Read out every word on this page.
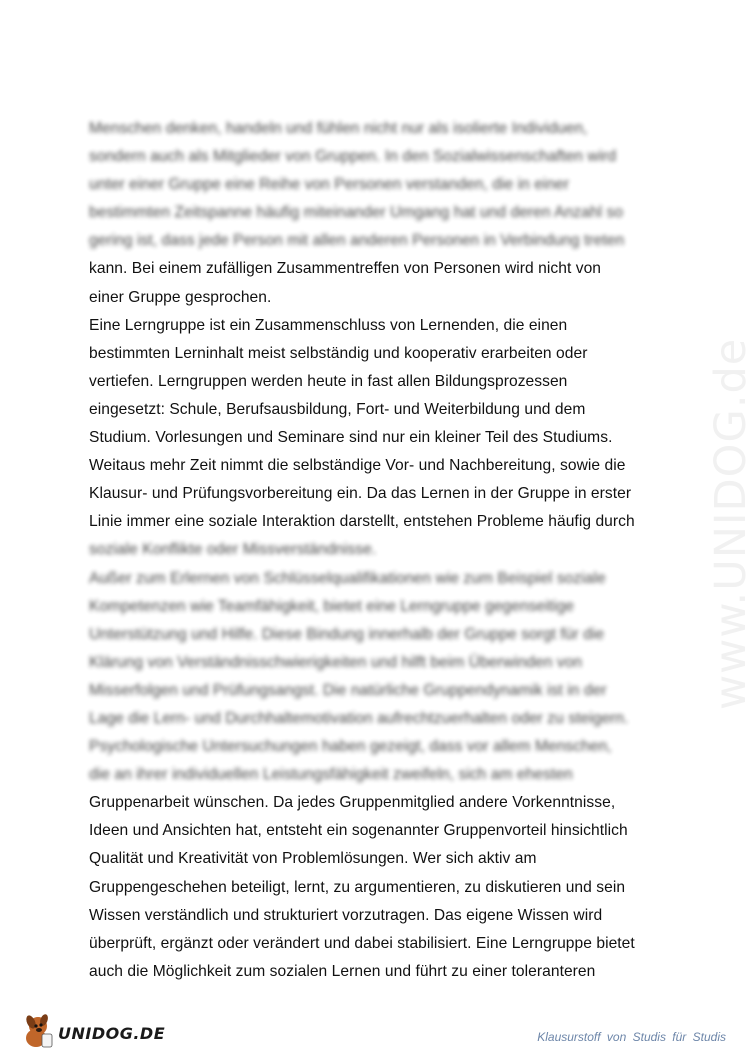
www.UNIDOG.de
Menschen denken, handeln und fühlen nicht nur als isolierte Individuen,
sondern auch als Mitglieder von Gruppen. In den Sozialwissenschaften wird
unter einer Gruppe eine Reihe von Personen verstanden, die in einer
bestimmten Zeitspanne häufig miteinander Umgang hat und deren Anzahl so
gering ist, dass jede Person mit allen anderen Personen in Verbindung treten
kann. Bei einem zufälligen Zusammentreffen von Personen wird nicht von
einer Gruppe gesprochen.
Eine Lerngruppe ist ein Zusammenschluss von Lernenden, die einen
bestimmten Lerninhalt meist selbständig und kooperativ erarbeiten oder
vertiefen. Lerngruppen werden heute in fast allen Bildungsprozessen
eingesetzt: Schule, Berufsausbildung, Fort- und Weiterbildung und dem
Studium. Vorlesungen und Seminare sind nur ein kleiner Teil des Studiums.
Weitaus mehr Zeit nimmt die selbständige Vor- und Nachbereitung, sowie die
Klausur- und Prüfungsvorbereitung ein. Da das Lernen in der Gruppe in erster
Linie immer eine soziale Interaktion darstellt, entstehen Probleme häufig durch
soziale Konflikte oder Missverständnisse.
Außer zum Erlernen von Schlüsselqualifikationen wie zum Beispiel soziale
Kompetenzen wie Teamfähigkeit, bietet eine Lerngruppe gegenseitige
Unterstützung und Hilfe. Diese Bindung innerhalb der Gruppe sorgt für die
Klärung von Verständnisschwierigkeiten und hilft beim Überwinden von
Misserfolgen und Prüfungsangst. Die natürliche Gruppendynamik ist in der
Lage die Lern- und Durchhaltemotivation aufrechtzuerhalten oder zu steigern.
Psychologische Untersuchungen haben gezeigt, dass vor allem Menschen,
die an ihrer individuellen Leistungsfähigkeit zweifeln, sich am ehesten
Gruppenarbeit wünschen. Da jedes Gruppenmitglied andere Vorkenntnisse,
Ideen und Ansichten hat, entsteht ein sogenannter Gruppenvorteil hinsichtlich
Qualität und Kreativität von Problemlösungen. Wer sich aktiv am
Gruppengeschehen beteiligt, lernt, zu argumentieren, zu diskutieren und sein
Wissen verständlich und strukturiert vorzutragen. Das eigene Wissen wird
überprüft, ergänzt oder verändert und dabei stabilisiert. Eine Lerngruppe bietet
auch die Möglichkeit zum sozialen Lernen und führt zu einer toleranteren
UNIDOG.DE	Klausurstoff von Studis für Studis
